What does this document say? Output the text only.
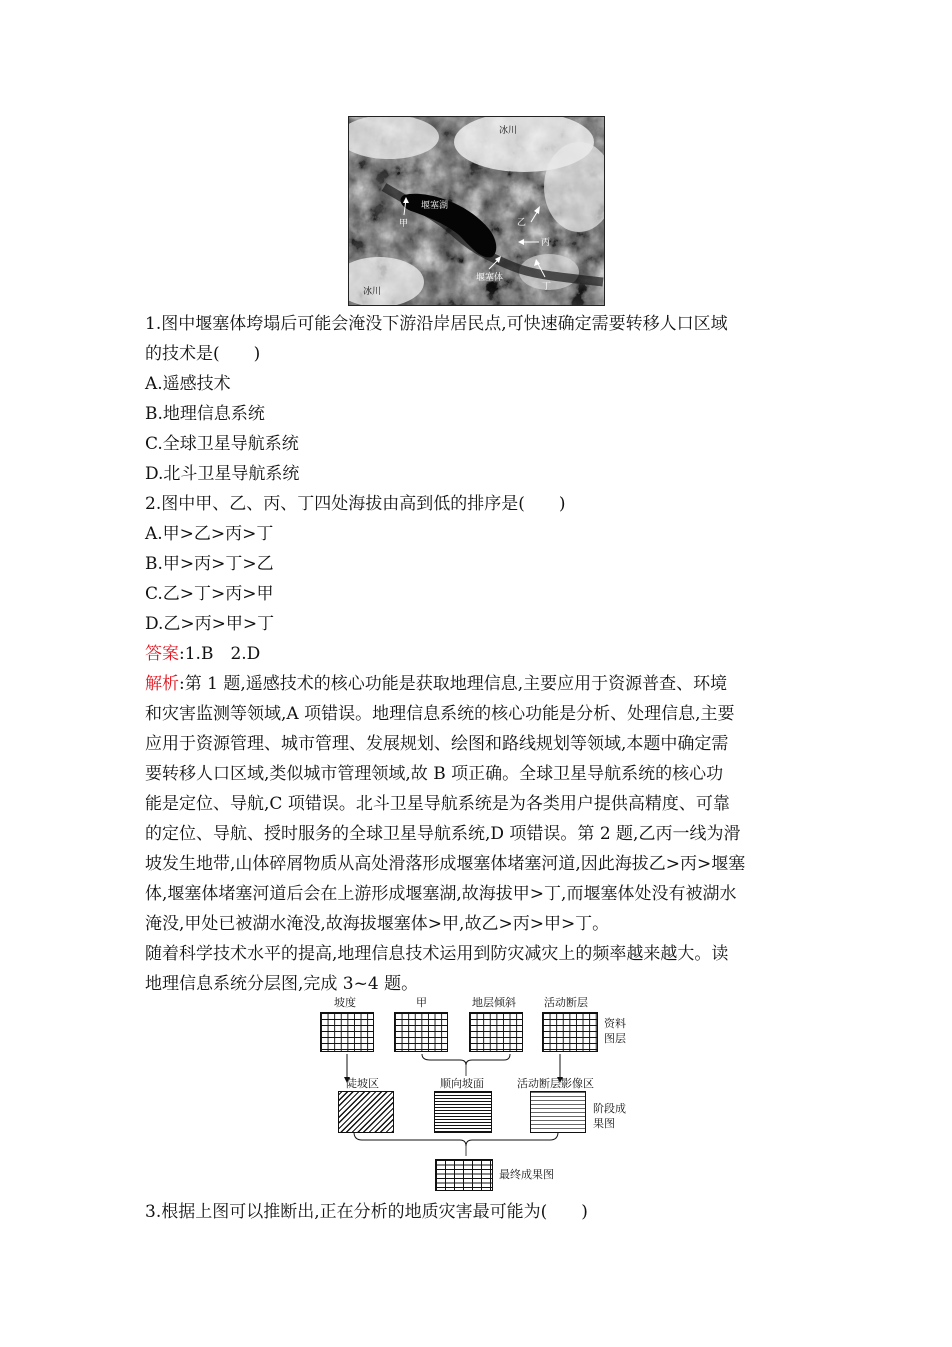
冰川
堰塞湖
甲	乙
丙
堰塞体
丁
冰川
1.图中堰塞体垮塌后可能会淹没下游沿岸居民点,可快速确定需要转移人口区域
的技术是(　　)
A.遥感技术
B.地理信息系统
C.全球卫星导航系统
D.北斗卫星导航系统
2.图中甲、乙、丙、丁四处海拔由高到低的排序是(　　)
A.甲>乙>丙>丁
B.甲>丙>丁>乙
C.乙>丁>丙>甲
D.乙>丙>甲>丁
答案:1.B　2.D
解析:第 1 题,遥感技术的核心功能是获取地理信息,主要应用于资源普查、环境
和灾害监测等领域,A 项错误。地理信息系统的核心功能是分析、处理信息,主要
应用于资源管理、城市管理、发展规划、绘图和路线规划等领域,本题中确定需
要转移人口区域,类似城市管理领域,故 B 项正确。全球卫星导航系统的核心功
能是定位、导航,C 项错误。北斗卫星导航系统是为各类用户提供高精度、可靠
的定位、导航、授时服务的全球卫星导航系统,D 项错误。第 2 题,乙丙一线为滑
坡发生地带,山体碎屑物质从高处滑落形成堰塞体堵塞河道,因此海拔乙>丙>堰塞
体,堰塞体堵塞河道后会在上游形成堰塞湖,故海拔甲>丁,而堰塞体处没有被湖水
淹没,甲处已被湖水淹没,故海拔堰塞体>甲,故乙>丙>甲>丁。
随着科学技术水平的提高,地理信息技术运用到防灾减灾上的频率越来越大。读
地理信息系统分层图,完成 3~4 题。
坡度	甲	地层倾斜	活动断层
资料
图层
陡坡区	顺向坡面	活动断层影像区
阶段成
果图
最终成果图
3.根据上图可以推断出,正在分析的地质灾害最可能为(　　)
